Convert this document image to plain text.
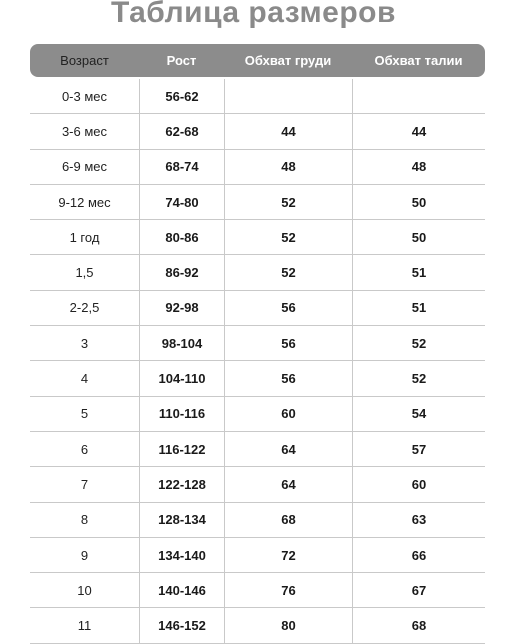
Таблица размеров
Возраст	Рост	Обхват груди	Обхват талии
0-3 мес	56-62
3-6 мес	62-68	44	44
6-9 мес	68-74	48	48
9-12 мес	74-80	52	50
1 год	80-86	52	50
1,5	86-92	52	51
2-2,5	92-98	56	51
3	98-104	56	52
4	104-110	56	52
5	110-116	60	54
6	116-122	64	57
7	122-128	64	60
8	128-134	68	63
9	134-140	72	66
10	140-146	76	67
11	146-152	80	68
